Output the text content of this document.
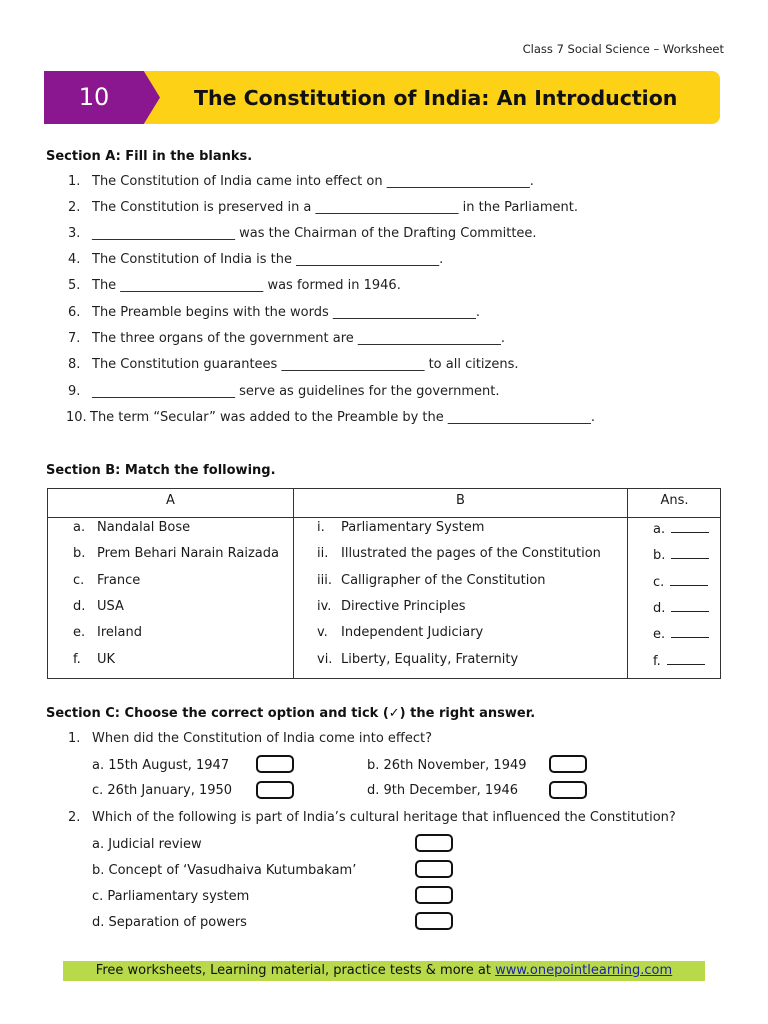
Class 7 Social Science – Worksheet
10	The Constitution of India: An Introduction
Section A: Fill in the blanks.
1. The Constitution of India came into effect on ______________________.
2. The Constitution is preserved in a ______________________ in the Parliament.
3. ______________________ was the Chairman of the Drafting Committee.
4. The Constitution of India is the ______________________.
5. The ______________________ was formed in 1946.
6. The Preamble begins with the words ______________________.
7. The three organs of the government are ______________________.
8. The Constitution guarantees ______________________ to all citizens.
9. ______________________ serve as guidelines for the government.
10. The term “Secular” was added to the Preamble by the ______________________.
Section B: Match the following.
A	B	Ans.
a. Nandalal Bose	i. Parliamentary System	a.
b. Prem Behari Narain Raizada	ii. Illustrated the pages of the Constitution	b.
c. France	iii. Calligrapher of the Constitution	c.
d. USA	iv. Directive Principles	d.
e. Ireland	v. Independent Judiciary	e.
f. UK	vi. Liberty, Equality, Fraternity	f.
Section C: Choose the correct option and tick (✓) the right answer.
1. When did the Constitution of India come into effect?
a. 15th August, 1947	b. 26th November, 1949
c. 26th January, 1950	d. 9th December, 1946
2. Which of the following is part of India’s cultural heritage that influenced the Constitution?
a. Judicial review
b. Concept of ‘Vasudhaiva Kutumbakam’
c. Parliamentary system
d. Separation of powers
Free worksheets, Learning material, practice tests & more at www.onepointlearning.com
